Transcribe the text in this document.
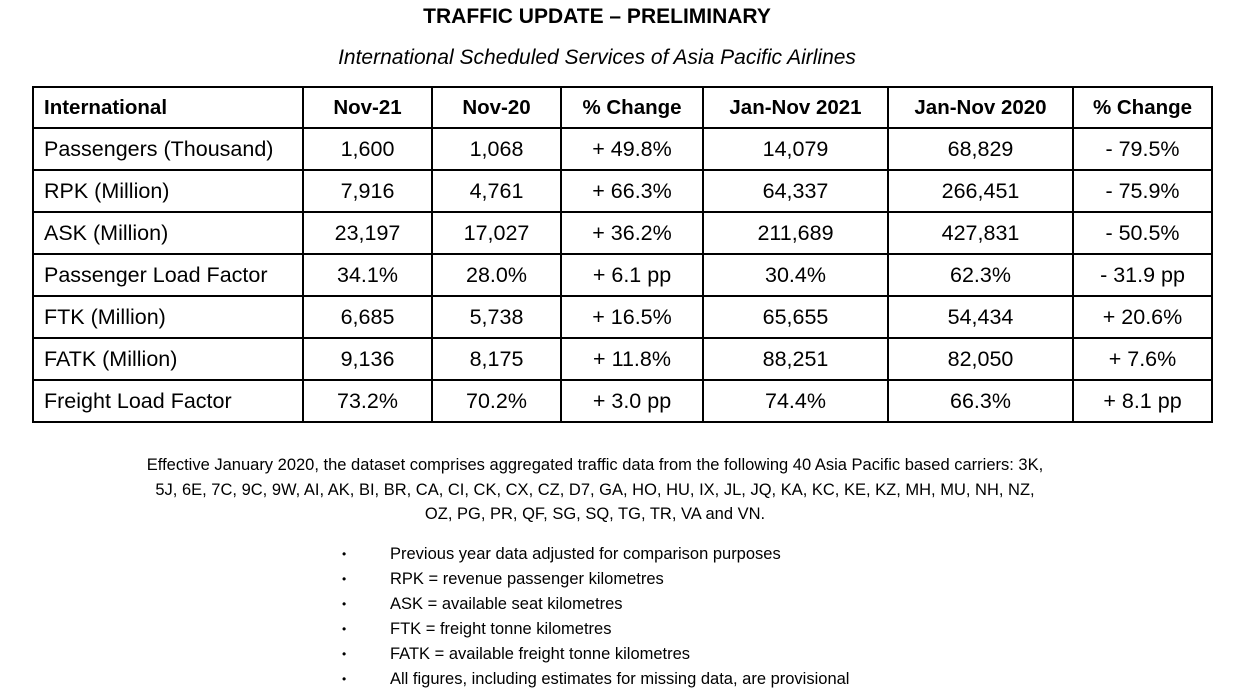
TRAFFIC UPDATE – PRELIMINARY
International Scheduled Services of Asia Pacific Airlines
International	Nov-21	Nov-20	% Change	Jan-Nov 2021	Jan-Nov 2020	% Change
Passengers (Thousand)	1,600	1,068	+ 49.8%	14,079	68,829	- 79.5%
RPK (Million)	7,916	4,761	+ 66.3%	64,337	266,451	- 75.9%
ASK (Million)	23,197	17,027	+ 36.2%	211,689	427,831	- 50.5%
Passenger Load Factor	34.1%	28.0%	+ 6.1 pp	30.4%	62.3%	- 31.9 pp
FTK (Million)	6,685	5,738	+ 16.5%	65,655	54,434	+ 20.6%
FATK (Million)	9,136	8,175	+ 11.8%	88,251	82,050	+ 7.6%
Freight Load Factor	73.2%	70.2%	+ 3.0 pp	74.4%	66.3%	+ 8.1 pp
Effective January 2020, the dataset comprises aggregated traffic data from the following 40 Asia Pacific based carriers: 3K,
5J, 6E, 7C, 9C, 9W, AI, AK, BI, BR, CA, CI, CK, CX, CZ, D7, GA, HO, HU, IX, JL, JQ, KA, KC, KE, KZ, MH, MU, NH, NZ,
OZ, PG, PR, QF, SG, SQ, TG, TR, VA and VN.
•	Previous year data adjusted for comparison purposes
•	RPK = revenue passenger kilometres
•	ASK = available seat kilometres
•	FTK = freight tonne kilometres
•	FATK = available freight tonne kilometres
•	All figures, including estimates for missing data, are provisional
